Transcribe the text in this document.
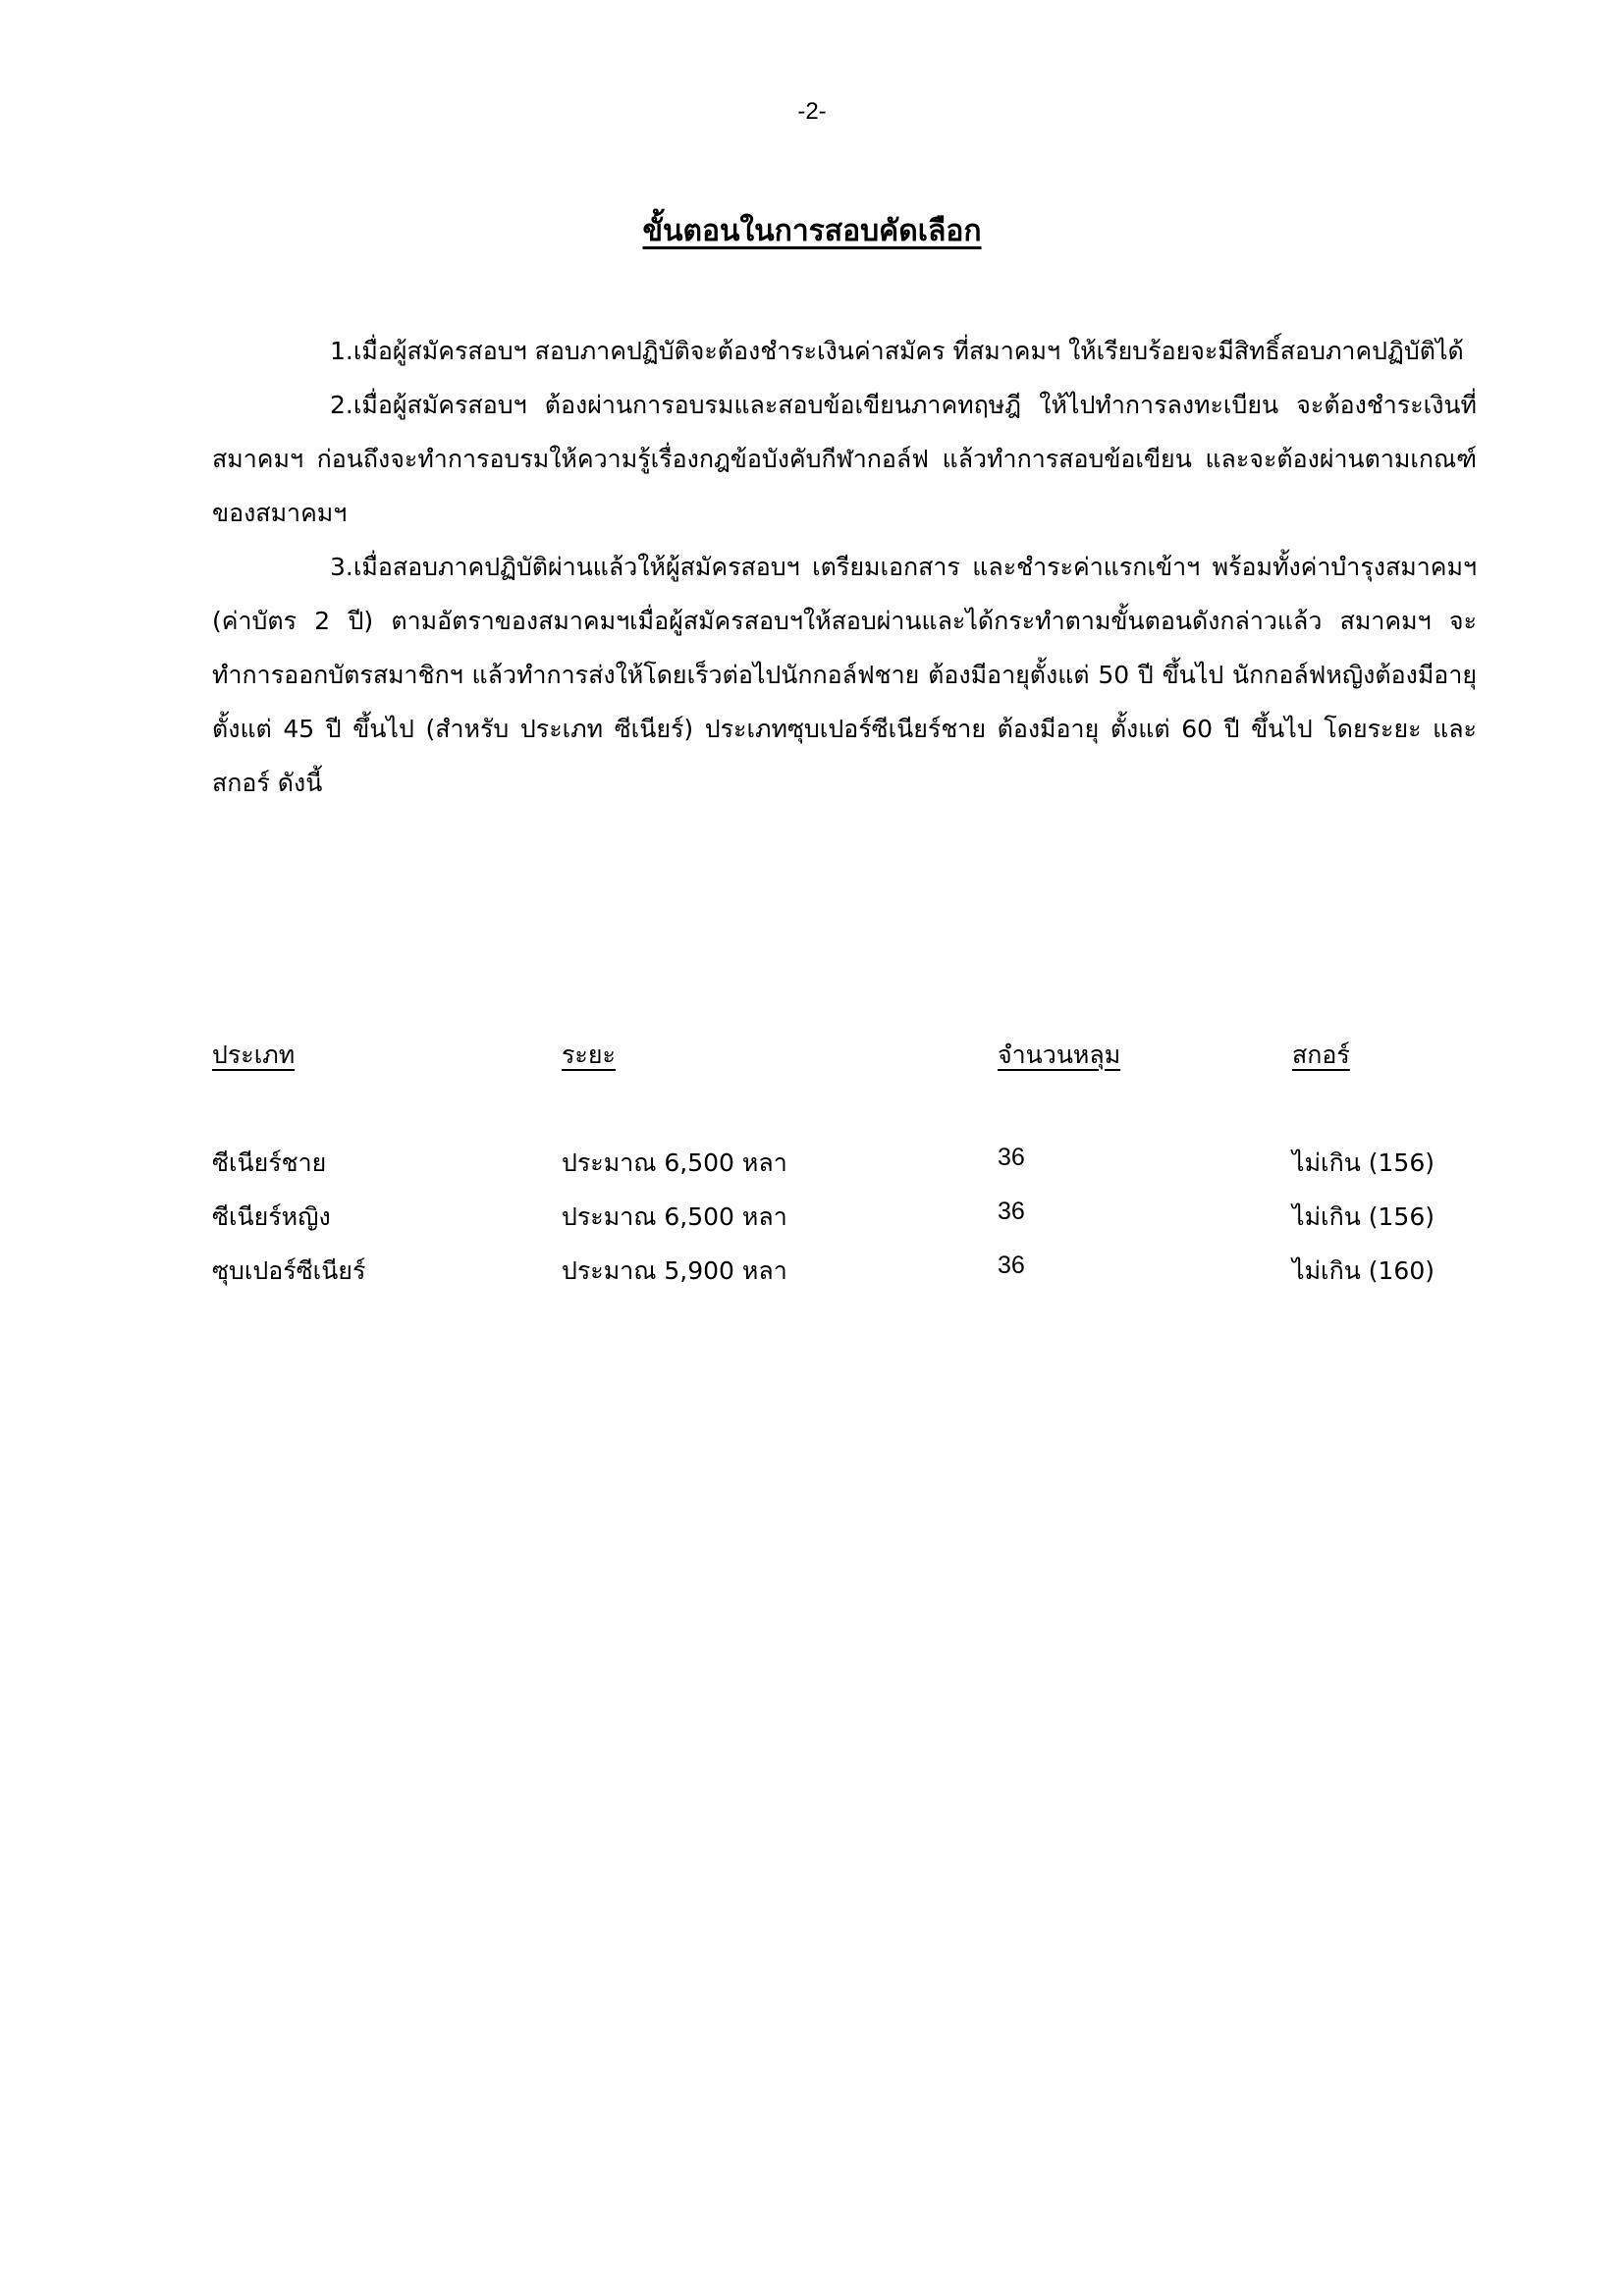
-2-
ขั้นตอนในการสอบคัดเลือก

1.เมื่อผู้สมัครสอบฯ สอบภาคปฏิบัติจะต้องชำระเงินค่าสมัคร ที่สมาคมฯ ให้เรียบร้อยจะมีสิทธิ์สอบภาคปฏิบัติได้

2.เมื่อผู้สมัครสอบฯ ต้องผ่านการอบรมและสอบข้อเขียนภาคทฤษฎี ให้ไปทำการลงทะเบียน จะต้องชำระเงินที่สมาคมฯ ก่อนถึงจะทำการอบรมให้ความรู้เรื่องกฎข้อบังคับกีฬากอล์ฟ แล้วทำการสอบข้อเขียน และจะต้องผ่านตามเกณฑ์ของสมาคมฯ

3.เมื่อสอบภาคปฏิบัติผ่านแล้วให้ผู้สมัครสอบฯ เตรียมเอกสาร และชำระค่าแรกเข้าฯ พร้อมทั้งค่าบำรุงสมาคมฯ (ค่าบัตร 2 ปี) ตามอัตราของสมาคมฯเมื่อผู้สมัครสอบฯให้สอบผ่านและได้กระทำตามขั้นตอนดังกล่าวแล้ว สมาคมฯ จะทำการออกบัตรสมาชิกฯ แล้วทำการส่งให้โดยเร็วต่อไปนักกอล์ฟชาย ต้องมีอายุตั้งแต่ 50 ปี ขึ้นไป นักกอล์ฟหญิงต้องมีอายุตั้งแต่ 45 ปี ขึ้นไป (สำหรับ ประเภท ซีเนียร์) ประเภทซุบเปอร์ซีเนียร์ชาย ต้องมีอายุ ตั้งแต่ 60 ปี ขึ้นไป โดยระยะ และ สกอร์ ดังนี้

ประเภท	ระยะ	จำนวนหลุม	สกอร์
ซีเนียร์ชาย	ประมาณ 6,500 หลา	36	ไม่เกิน (156)
ซีเนียร์หญิง	ประมาณ 6,500 หลา	36	ไม่เกิน (156)
ซุบเปอร์ซีเนียร์	ประมาณ 5,900 หลา	36	ไม่เกิน (160)
